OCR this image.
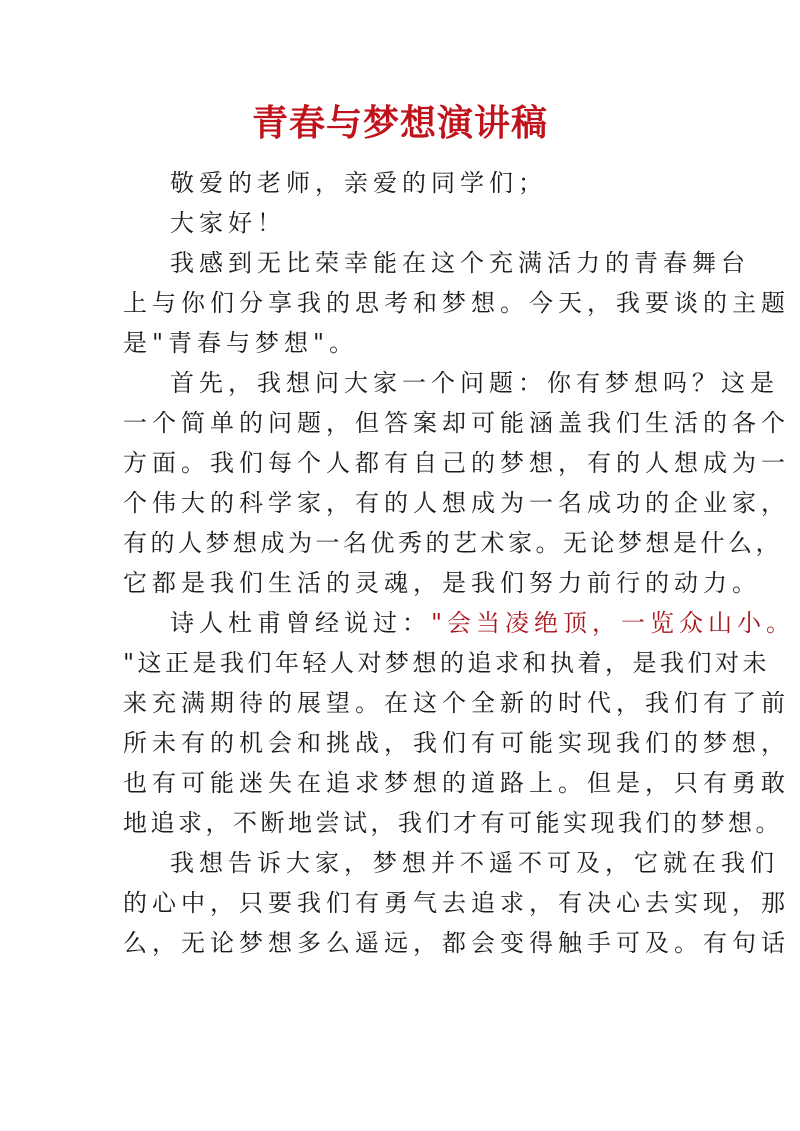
青春与梦想演讲稿
敬爱的老师，亲爱的同学们；
大家好！
我感到无比荣幸能在这个充满活力的青春舞台
上与你们分享我的思考和梦想。今天，我要谈的主题
是"青春与梦想"。
首先，我想问大家一个问题：你有梦想吗？这是
一个简单的问题，但答案却可能涵盖我们生活的各个
方面。我们每个人都有自己的梦想，有的人想成为一
个伟大的科学家，有的人想成为一名成功的企业家，
有的人梦想成为一名优秀的艺术家。无论梦想是什么，
它都是我们生活的灵魂，是我们努力前行的动力。
诗人杜甫曾经说过："会当凌绝顶，一览众山小。
"这正是我们年轻人对梦想的追求和执着，是我们对未
来充满期待的展望。在这个全新的时代，我们有了前
所未有的机会和挑战，我们有可能实现我们的梦想，
也有可能迷失在追求梦想的道路上。但是，只有勇敢
地追求，不断地尝试，我们才有可能实现我们的梦想。
我想告诉大家，梦想并不遥不可及，它就在我们
的心中，只要我们有勇气去追求，有决心去实现，那
么，无论梦想多么遥远，都会变得触手可及。有句话
